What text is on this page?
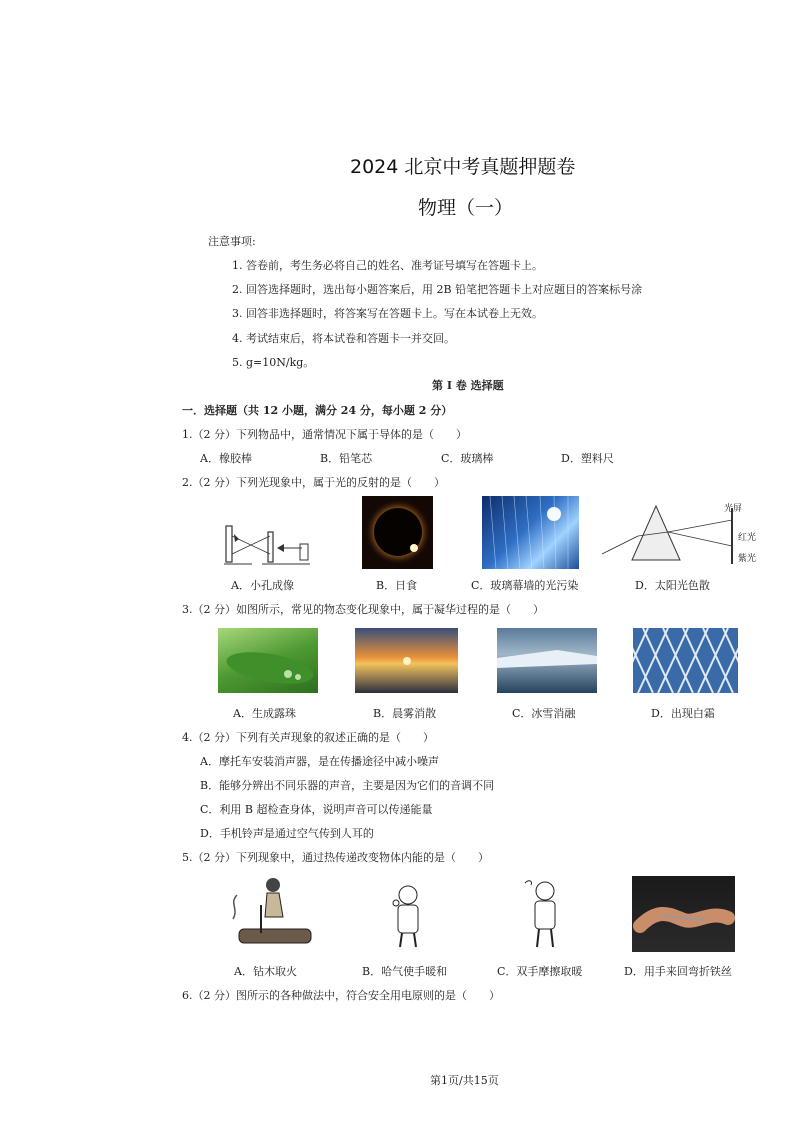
2024 北京中考真题押题卷
物理（一）
注意事项:
1. 答卷前，考生务必将自己的姓名、准考证号填写在答题卡上。
2. 回答选择题时，选出每小题答案后，用 2B 铅笔把答题卡上对应题目的答案标号涂
3. 回答非选择题时，将答案写在答题卡上。写在本试卷上无效。
4. 考试结束后，将本试卷和答题卡一并交回。
5. g=10N/kg。
第 I 卷 选择题
一．选择题（共 12 小题，满分 24 分，每小题 2 分）
1.（2 分）下列物品中，通常情况下属于导体的是（　　）
A．橡胶棒	B．铅笔芯	C．玻璃棒	D．塑料尺
2.（2 分）下列光现象中，属于光的反射的是（　　）
光屏
红光
紫光
A．小孔成像	B．日食	C．玻璃幕墙的光污染	D．太阳光色散
3.（2 分）如图所示，常见的物态变化现象中，属于凝华过程的是（　　）
A．生成露珠	B．晨雾消散	C．冰雪消融	D．出现白霜
4.（2 分）下列有关声现象的叙述正确的是（　　）
A．摩托车安装消声器，是在传播途径中减小噪声
B．能够分辨出不同乐器的声音，主要是因为它们的音调不同
C．利用 B 超检查身体，说明声音可以传递能量
D．手机铃声是通过空气传到人耳的
5.（2 分）下列现象中，通过热传递改变物体内能的是（　　）
A．钻木取火	B．哈气使手暖和	C．双手摩擦取暖	D．用手来回弯折铁丝
6.（2 分）图所示的各种做法中，符合安全用电原则的是（　　）
第1页/共15页
